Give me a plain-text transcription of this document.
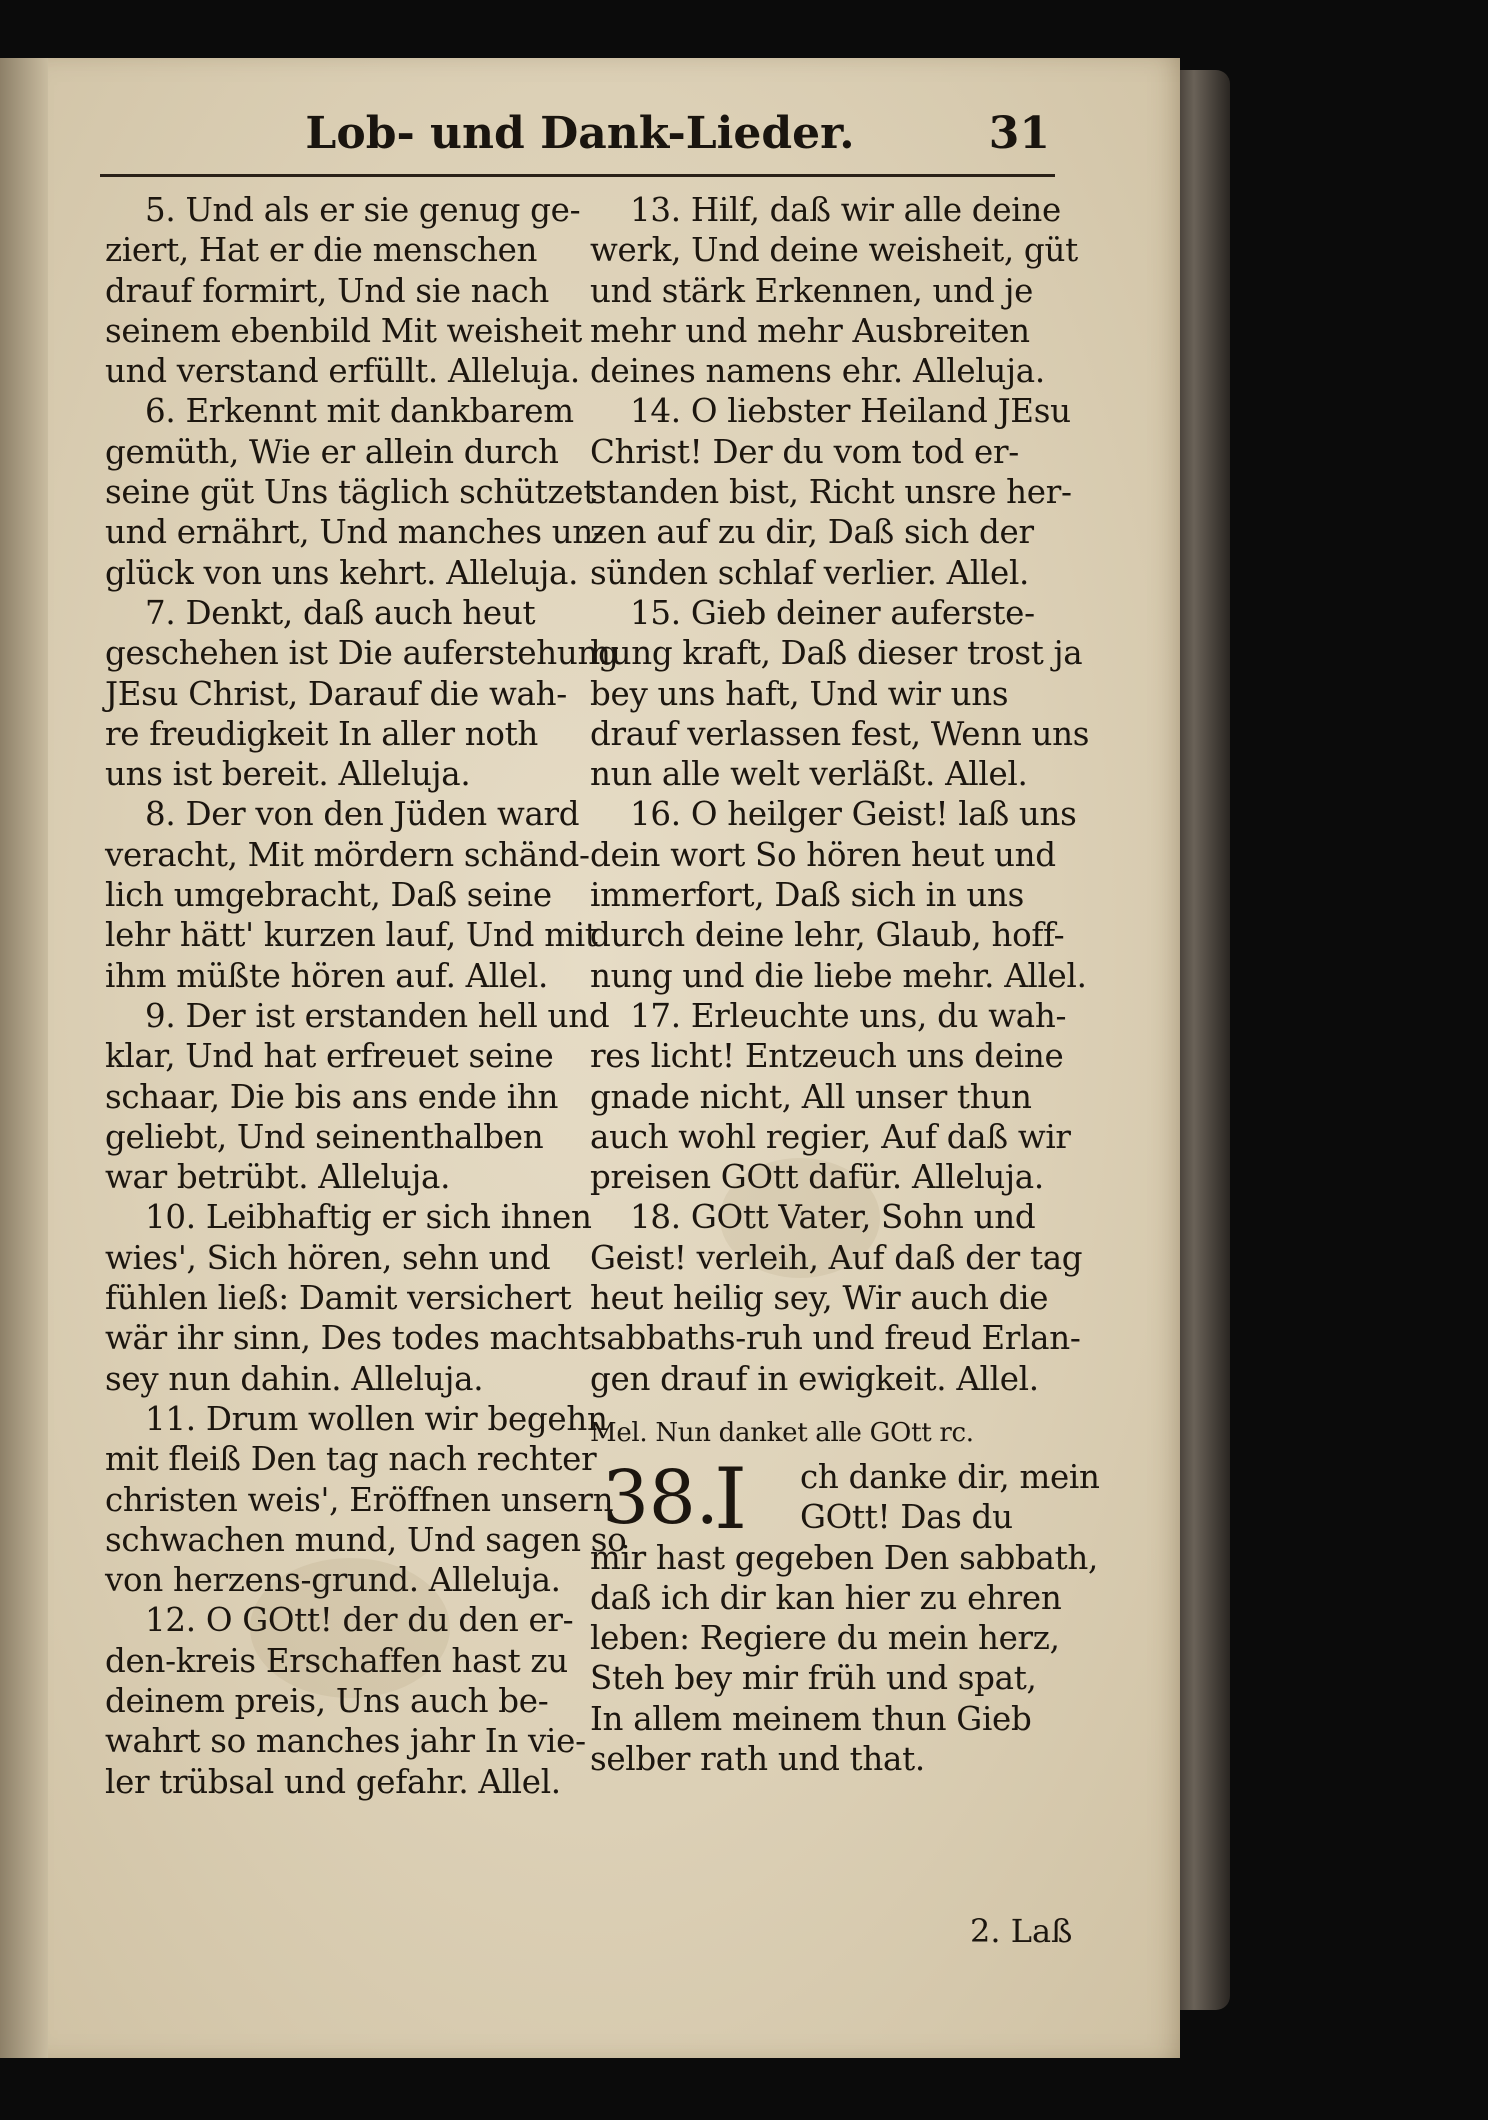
Lob- und Dank-Lieder.	31
5. Und als er sie genug ge-
ziert, Hat er die menschen
drauf formirt, Und sie nach
seinem ebenbild Mit weisheit
und verstand erfüllt. Alleluja.
6. Erkennt mit dankbarem
gemüth, Wie er allein durch
seine güt Uns täglich schützet
und ernährt, Und manches un-
glück von uns kehrt. Alleluja.
7. Denkt, daß auch heut
geschehen ist Die auferstehung
JEsu Christ, Darauf die wah-
re freudigkeit In aller noth
uns ist bereit. Alleluja.
8. Der von den Jüden ward
veracht, Mit mördern schänd-
lich umgebracht, Daß seine
lehr hätt' kurzen lauf, Und mit
ihm müßte hören auf. Allel.
9. Der ist erstanden hell und
klar, Und hat erfreuet seine
schaar, Die bis ans ende ihn
geliebt, Und seinenthalben
war betrübt. Alleluja.
10. Leibhaftig er sich ihnen
wies', Sich hören, sehn und
fühlen ließ: Damit versichert
wär ihr sinn, Des todes macht
sey nun dahin. Alleluja.
11. Drum wollen wir begehn
mit fleiß Den tag nach rechter
christen weis', Eröffnen unsern
schwachen mund, Und sagen so
von herzens-grund. Alleluja.
12. O GOtt! der du den er-
den-kreis Erschaffen hast zu
deinem preis, Uns auch be-
wahrt so manches jahr In vie-
ler trübsal und gefahr. Allel.
13. Hilf, daß wir alle deine
werk, Und deine weisheit, güt
und stärk Erkennen, und je
mehr und mehr Ausbreiten
deines namens ehr. Alleluja.
14. O liebster Heiland JEsu
Christ! Der du vom tod er-
standen bist, Richt unsre her-
zen auf zu dir, Daß sich der
sünden schlaf verlier. Allel.
15. Gieb deiner auferste-
hung kraft, Daß dieser trost ja
bey uns haft, Und wir uns
drauf verlassen fest, Wenn uns
nun alle welt verläßt. Allel.
16. O heilger Geist! laß uns
dein wort So hören heut und
immerfort, Daß sich in uns
durch deine lehr, Glaub, hoff-
nung und die liebe mehr. Allel.
17. Erleuchte uns, du wah-
res licht! Entzeuch uns deine
gnade nicht, All unser thun
auch wohl regier, Auf daß wir
preisen GOtt dafür. Alleluja.
18. GOtt Vater, Sohn und
Geist! verleih, Auf daß der tag
heut heilig sey, Wir auch die
sabbaths-ruh und freud Erlan-
gen drauf in ewigkeit. Allel.
Mel. Nun danket alle GOtt rc.
38.
I	ch danke dir, mein
GOtt! Das du
mir hast gegeben Den sabbath,
daß ich dir kan hier zu ehren
leben: Regiere du mein herz,
Steh bey mir früh und spat,
In allem meinem thun Gieb
selber rath und that.
2. Laß
